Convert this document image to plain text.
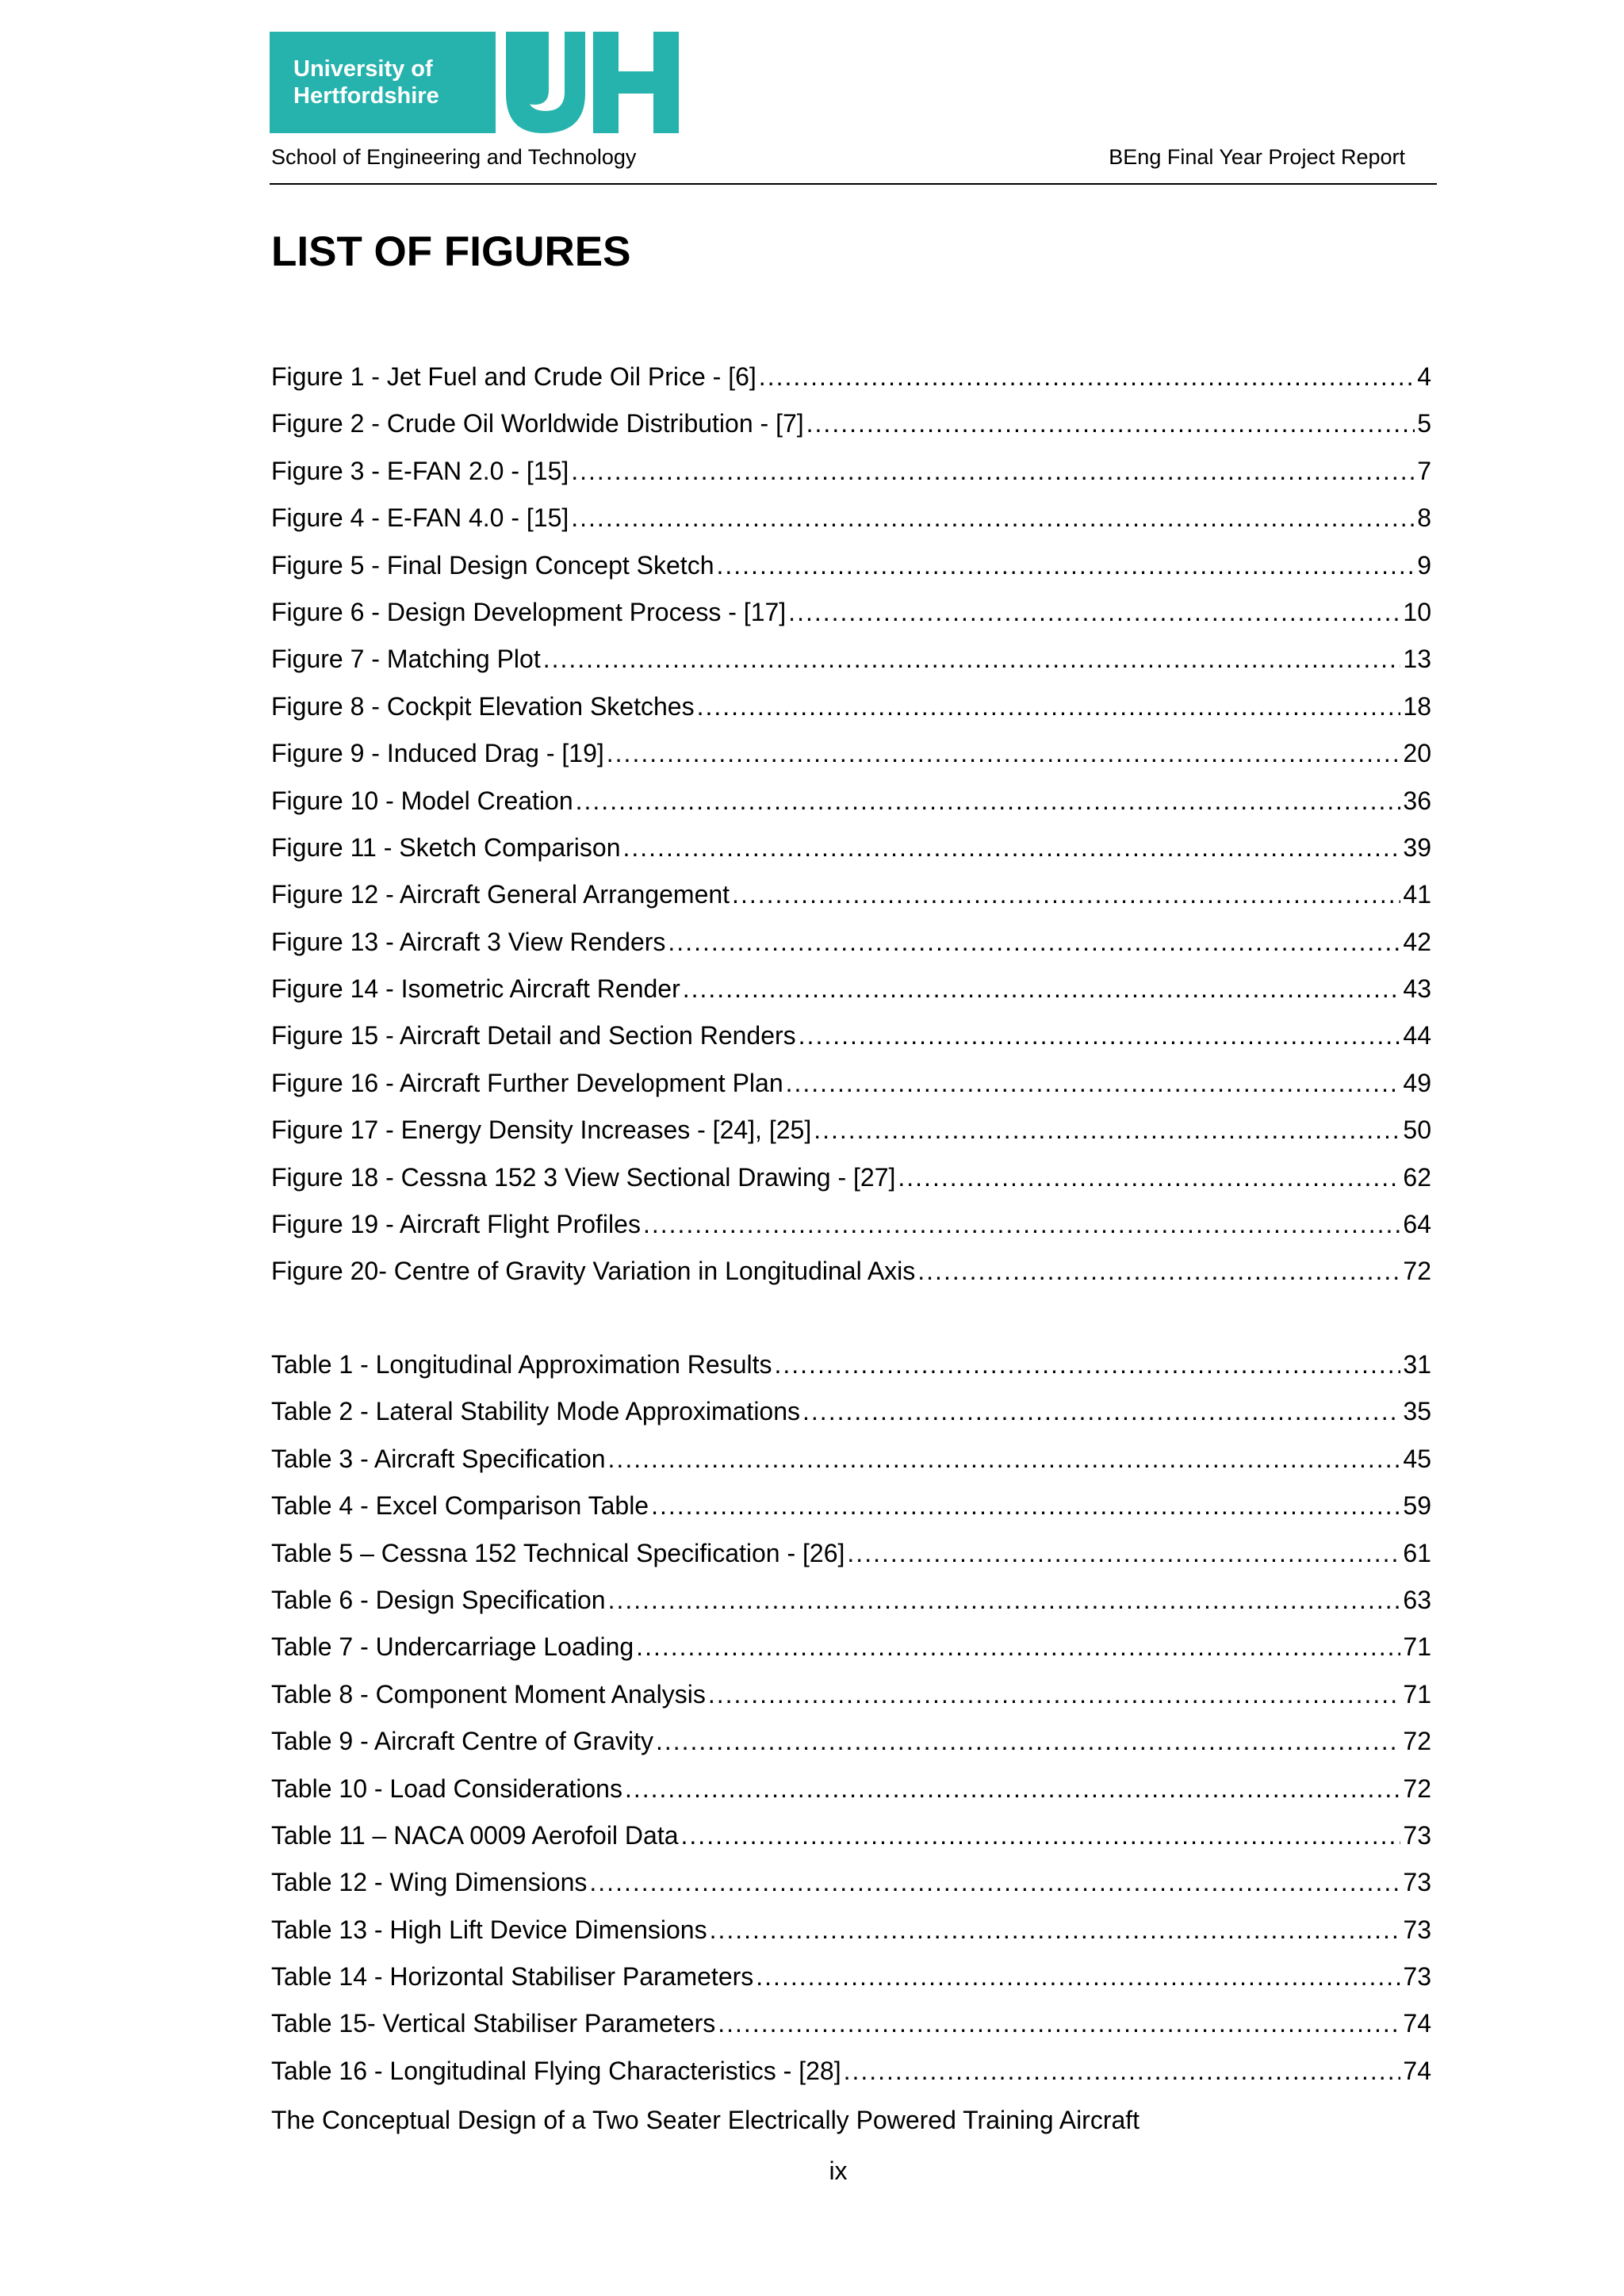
University of
Hertfordshire
School of Engineering and Technology	BEng Final Year Project Report
LIST OF FIGURES
Figure 1 - Jet Fuel and Crude Oil Price - [6] .....	4
Figure 2 - Crude Oil Worldwide Distribution - [7] .....	5
Figure 3 - E-FAN 2.0 - [15] .....	7
Figure 4 - E-FAN 4.0 - [15] .....	8
Figure 5 - Final Design Concept Sketch .....	9
Figure 6 - Design Development Process - [17] .....	10
Figure 7 - Matching Plot .....	13
Figure 8 - Cockpit Elevation Sketches .....	18
Figure 9 - Induced Drag - [19] .....	20
Figure 10 - Model Creation .....	36
Figure 11 - Sketch Comparison .....	39
Figure 12 - Aircraft General Arrangement .....	41
Figure 13 - Aircraft 3 View Renders .....	42
Figure 14 - Isometric Aircraft Render .....	43
Figure 15 - Aircraft Detail and Section Renders .....	44
Figure 16 - Aircraft Further Development Plan .....	49
Figure 17 - Energy Density Increases - [24], [25] .....	50
Figure 18 - Cessna 152 3 View Sectional Drawing - [27] .....	62
Figure 19 - Aircraft Flight Profiles .....	64
Figure 20- Centre of Gravity Variation in Longitudinal Axis .....	72
Table 1 - Longitudinal Approximation Results .....	31
Table 2 - Lateral Stability Mode Approximations .....	35
Table 3 - Aircraft Specification .....	45
Table 4 - Excel Comparison Table .....	59
Table 5 – Cessna 152 Technical Specification - [26] .....	61
Table 6 - Design Specification .....	63
Table 7 - Undercarriage Loading .....	71
Table 8 - Component Moment Analysis .....	71
Table 9 - Aircraft Centre of Gravity .....	72
Table 10 - Load Considerations .....	72
Table 11 – NACA 0009 Aerofoil Data .....	73
Table 12 - Wing Dimensions .....	73
Table 13 - High Lift Device Dimensions .....	73
Table 14 - Horizontal Stabiliser Parameters .....	73
Table 15- Vertical Stabiliser Parameters .....	74
Table 16 - Longitudinal Flying Characteristics - [28] .....	74
The Conceptual Design of a Two Seater Electrically Powered Training Aircraft
ix
